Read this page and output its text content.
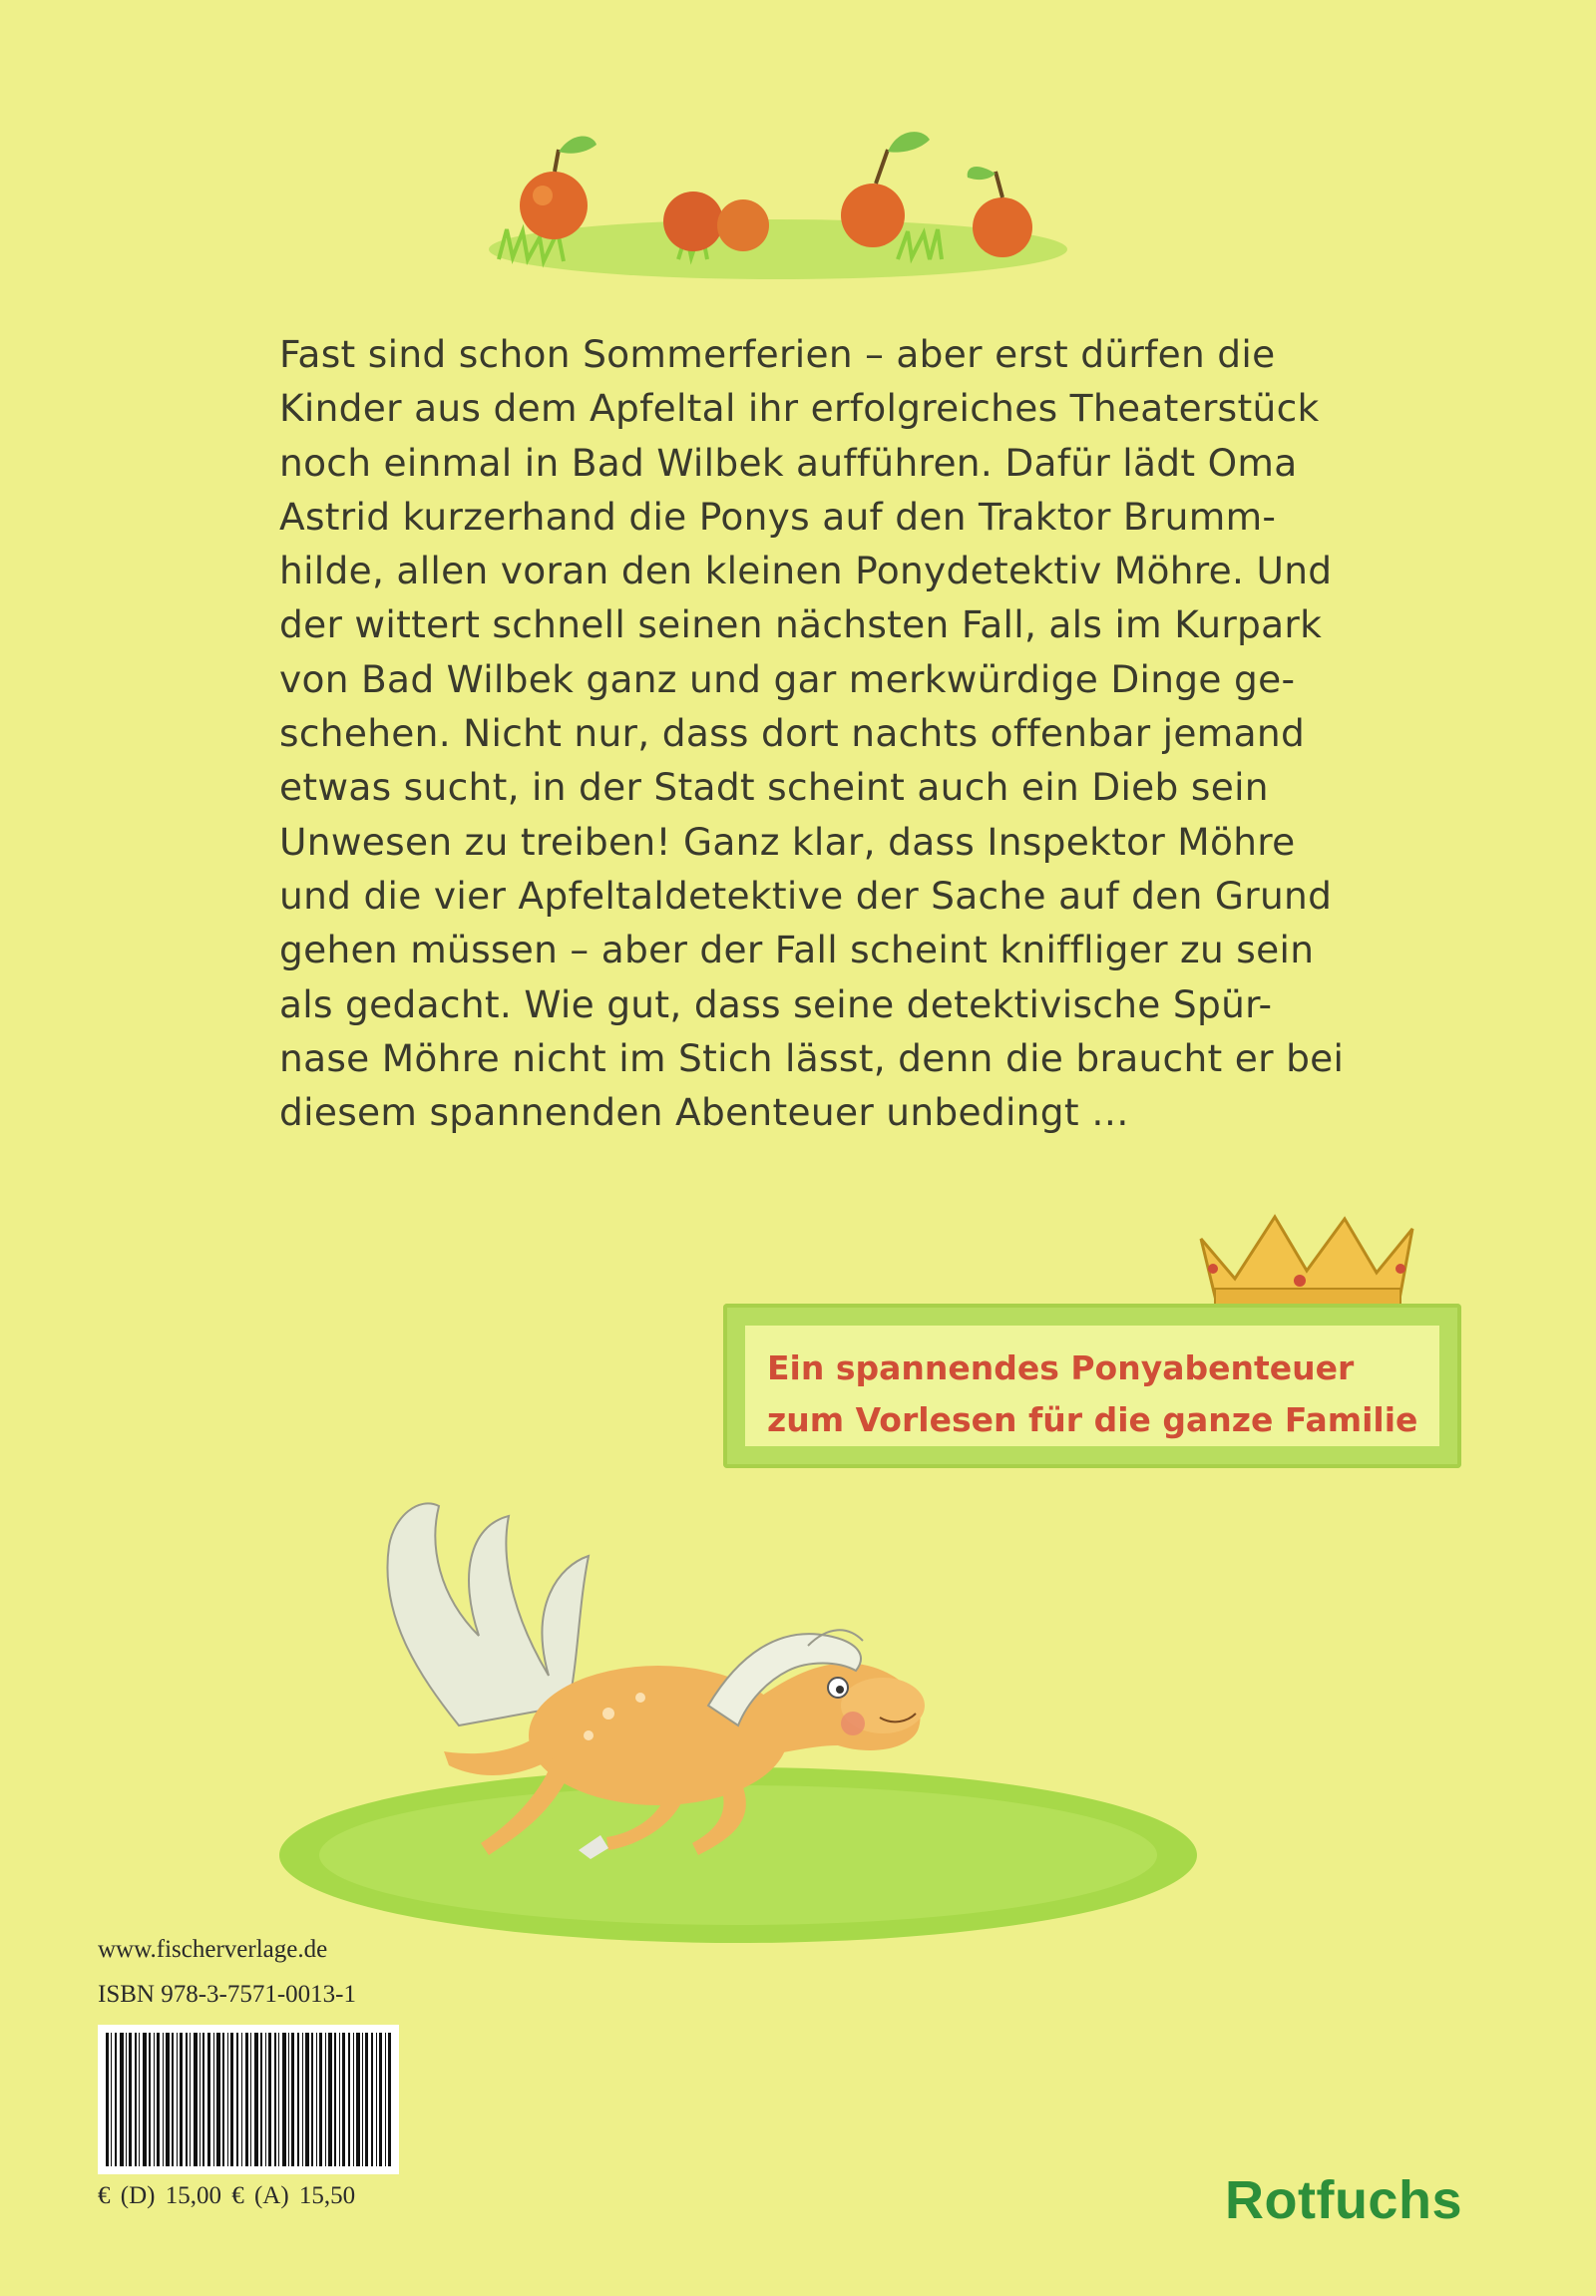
Fast sind schon Sommerferien – aber erst dürfen die

Kinder aus dem Apfeltal ihr erfolgreiches Theaterstück

noch einmal in Bad Wilbek aufführen. Dafür lädt Oma

Astrid kurzerhand die Ponys auf den Traktor Brumm-

hilde, allen voran den kleinen Ponydetektiv Möhre. Und

der wittert schnell seinen nächsten Fall, als im Kurpark

von Bad Wilbek ganz und gar merkwürdige Dinge ge-

schehen. Nicht nur, dass dort nachts offenbar jemand

etwas sucht, in der Stadt scheint auch ein Dieb sein

Unwesen zu treiben! Ganz klar, dass Inspektor Möhre

und die vier Apfeltaldetektive der Sache auf den Grund

gehen müssen – aber der Fall scheint kniffliger zu sein

als gedacht. Wie gut, dass seine detektivische Spür-

nase Möhre nicht im Stich lässt, denn die braucht er bei

diesem spannenden Abenteuer unbedingt …

Ein spannendes Ponyabenteuer

zum Vorlesen für die ganze Familie

www.fischerverlage.de
ISBN 978-3-7571-0013-1
€ (D) 15,00 € (A) 15,50	Rotfuchs
